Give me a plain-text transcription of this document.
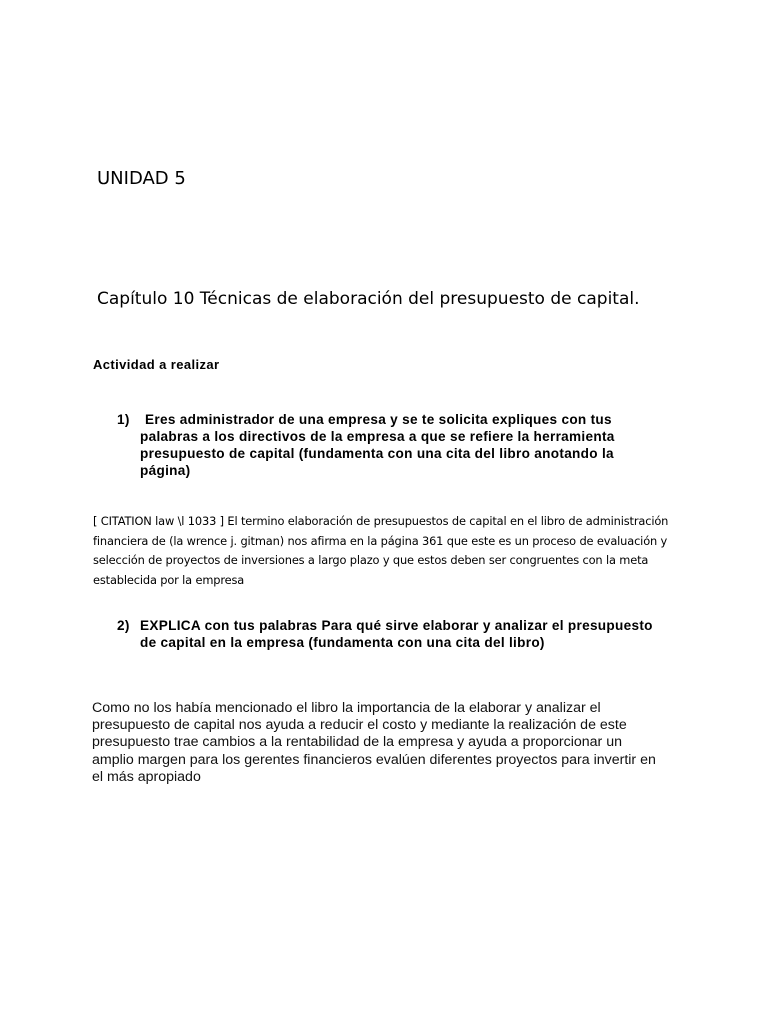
UNIDAD 5
Capítulo 10 Técnicas de elaboración del presupuesto de capital.
Actividad a realizar
1)	Eres administrador de una empresa y se te solicita expliques con tus palabras a los directivos de la empresa a que se refiere la herramienta presupuesto de capital (fundamenta con una cita del libro anotando la página)

[ CITATION law \l 1033 ] El termino elaboración de presupuestos de capital en el libro de administración financiera de (la wrence j. gitman) nos afirma en la página 361 que este es un proceso de evaluación y selección de proyectos de inversiones a largo plazo y que estos deben ser congruentes con la meta establecida por la empresa

2) EXPLICA con tus palabras Para qué sirve elaborar y analizar el presupuesto de capital en la empresa (fundamenta con una cita del libro)

Como no los había mencionado el libro la importancia de la elaborar y analizar el presupuesto de capital nos ayuda a reducir el costo y mediante la realización de este presupuesto trae cambios a la rentabilidad de la empresa y ayuda a proporcionar un amplio margen para los gerentes financieros evalúen diferentes proyectos para invertir en el más apropiado
